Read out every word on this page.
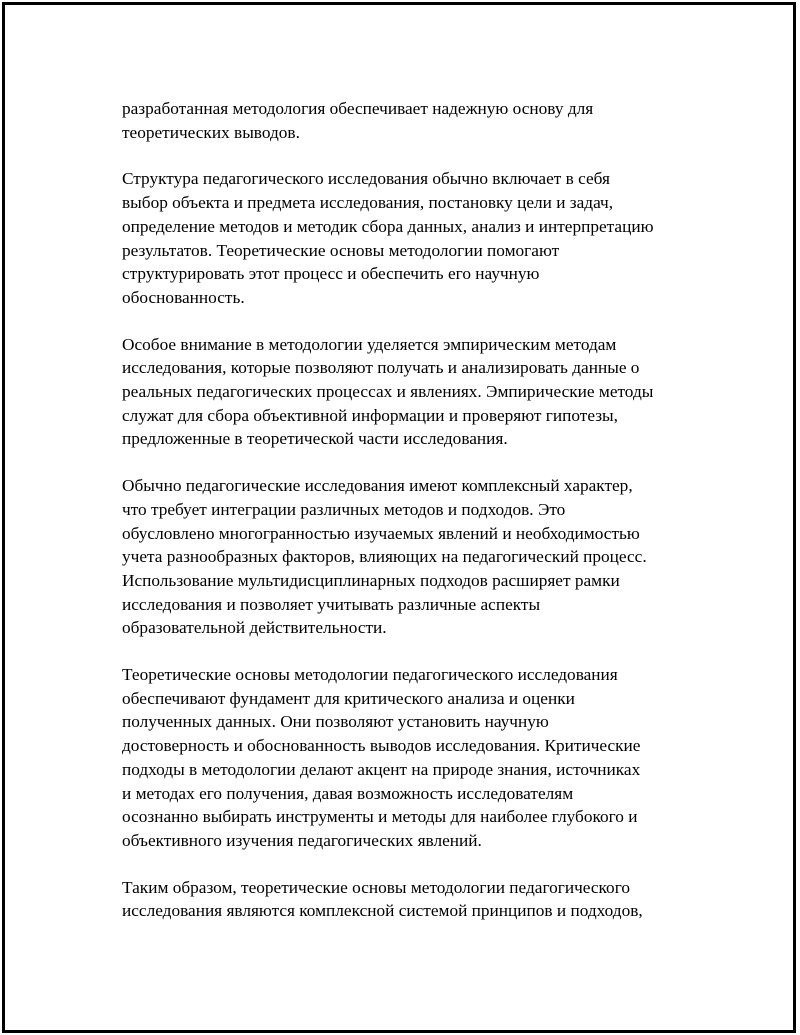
разработанная методология обеспечивает надежную основу для
теоретических выводов.

Структура педагогического исследования обычно включает в себя
выбор объекта и предмета исследования, постановку цели и задач,
определение методов и методик сбора данных, анализ и интерпретацию
результатов. Теоретические основы методологии помогают
структурировать этот процесс и обеспечить его научную
обоснованность.

Особое внимание в методологии уделяется эмпирическим методам
исследования, которые позволяют получать и анализировать данные о
реальных педагогических процессах и явлениях. Эмпирические методы
служат для сбора объективной информации и проверяют гипотезы,
предложенные в теоретической части исследования.

Обычно педагогические исследования имеют комплексный характер,
что требует интеграции различных методов и подходов. Это
обусловлено многогранностью изучаемых явлений и необходимостью
учета разнообразных факторов, влияющих на педагогический процесс.
Использование мультидисциплинарных подходов расширяет рамки
исследования и позволяет учитывать различные аспекты
образовательной действительности.

Теоретические основы методологии педагогического исследования
обеспечивают фундамент для критического анализа и оценки
полученных данных. Они позволяют установить научную
достоверность и обоснованность выводов исследования. Критические
подходы в методологии делают акцент на природе знания, источниках
и методах его получения, давая возможность исследователям
осознанно выбирать инструменты и методы для наиболее глубокого и
объективного изучения педагогических явлений.

Таким образом, теоретические основы методологии педагогического
исследования являются комплексной системой принципов и подходов,
